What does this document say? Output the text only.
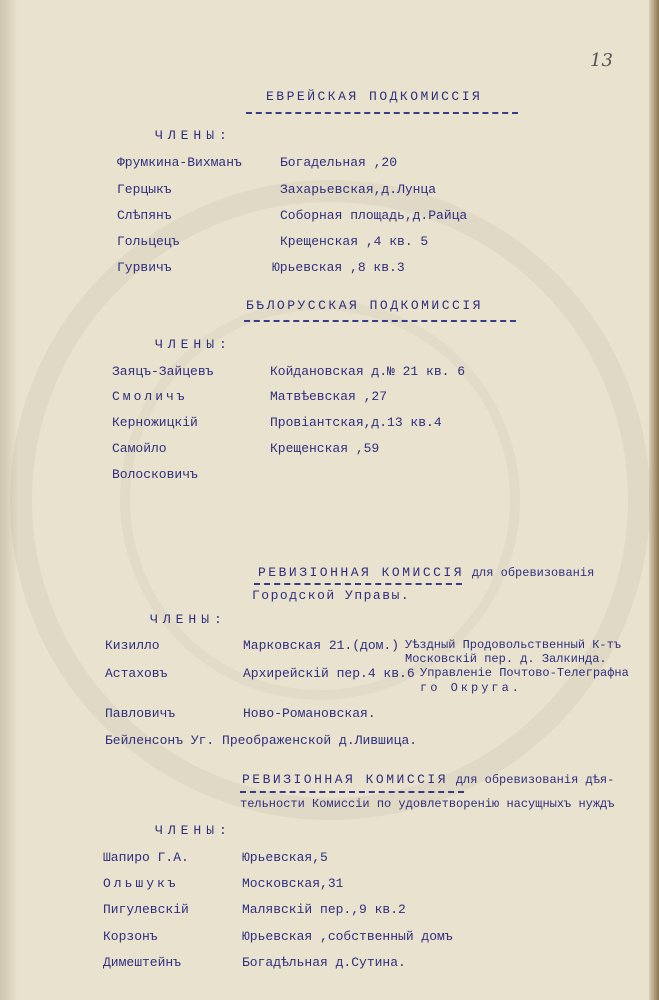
13
ЕВРЕЙСКАЯ ПОДКОМИССІЯ
ЧЛЕНЫ:
Фрумкина-Вихманъ	Богадельная ,20
Герцыкъ	Захарьевская,д.Лунца
Слѣпянъ	Соборная площадь,д.Райца
Гольцецъ	Крещенская ,4 кв. 5
Гурвичъ	Юрьевская ,8 кв.3
БѢЛОРУССКАЯ ПОДКОМИССІЯ
ЧЛЕНЫ:
Заяцъ-Зайцевъ	Койдановская д.№ 21 кв. 6
Смоличъ	Матвѣевская ,27
Керножицкій	Провіантская,д.13 кв.4
Самойло	Крещенская ,59
Волосковичъ
РЕВИЗІОННАЯ КОМИССІЯ для обревизованія
Городской Управы.
ЧЛЕНЫ:
Кизилло	Марковская 21.(дом.) Уѣздный Продовольственный К-тъ
Московскій пер. д. Залкинда.
Астаховъ	Архирейскій пер.4 кв.6 Управленіе Почтово-Телеграфна
го Округа.
Павловичъ	Ново-Романовская.
Бейленсонъ Уг. Преображенской д.Лившица.
РЕВИЗІОННАЯ КОМИССІЯ для обревизованія дѣя-
тельности Комиссіи по удовлетворенію насущныхъ нуждъ
ЧЛЕНЫ:
Шапиро Г.А.	Юрьевская,5
Ольшукъ	Московская,31
Пигулевскій	Малявскій пер.,9 кв.2
Корзонъ	Юрьевская ,собственный домъ
Димештейнъ	Богадѣльная д.Сутина.
